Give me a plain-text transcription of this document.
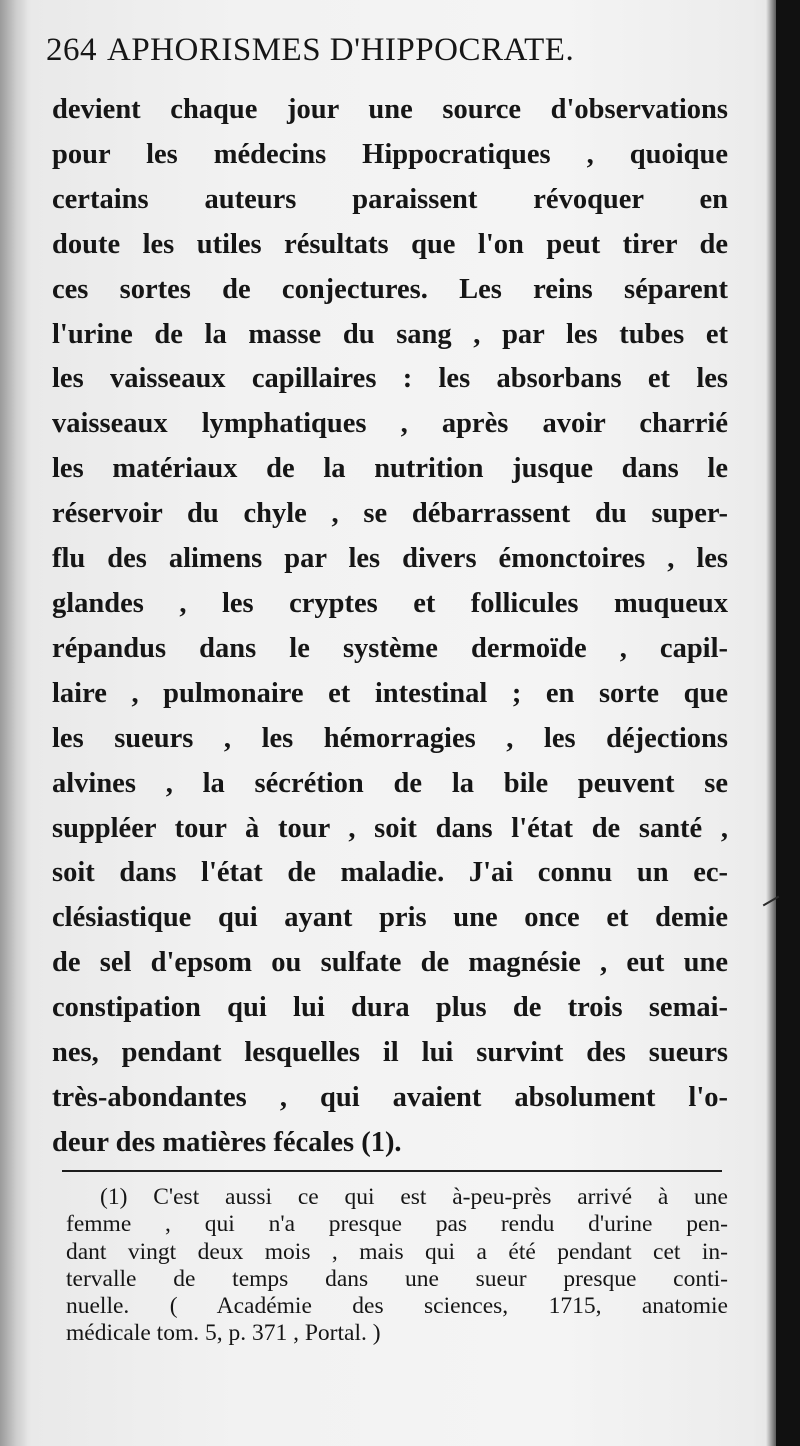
264 APHORISMES D'HIPPOCRATE.
devient chaque jour une source d'observations
pour les médecins Hippocratiques , quoique
certains auteurs paraissent révoquer en
doute les utiles résultats que l'on peut tirer de
ces sortes de conjectures. Les reins séparent
l'urine de la masse du sang , par les tubes et
les vaisseaux capillaires : les absorbans et les
vaisseaux lymphatiques , après avoir charrié
les matériaux de la nutrition jusque dans le
réservoir du chyle , se débarrassent du super-
flu des alimens par les divers émonctoires , les
glandes , les cryptes et follicules muqueux
répandus dans le système dermoïde , capil-
laire , pulmonaire et intestinal ; en sorte que
les sueurs , les hémorragies , les déjections
alvines , la sécrétion de la bile peuvent se
suppléer tour à tour , soit dans l'état de santé ,
soit dans l'état de maladie. J'ai connu un ec-
clésiastique qui ayant pris une once et demie
de sel d'epsom ou sulfate de magnésie , eut une
constipation qui lui dura plus de trois semai-
nes, pendant lesquelles il lui survint des sueurs
très-abondantes , qui avaient absolument l'o-
deur des matières fécales (1).
(1) C'est aussi ce qui est à-peu-près arrivé à une
femme , qui n'a presque pas rendu d'urine pen-
dant vingt deux mois , mais qui a été pendant cet in-
tervalle de temps dans une sueur presque conti-
nuelle. ( Académie des sciences, 1715, anatomie
médicale tom. 5, p. 371 , Portal. )
